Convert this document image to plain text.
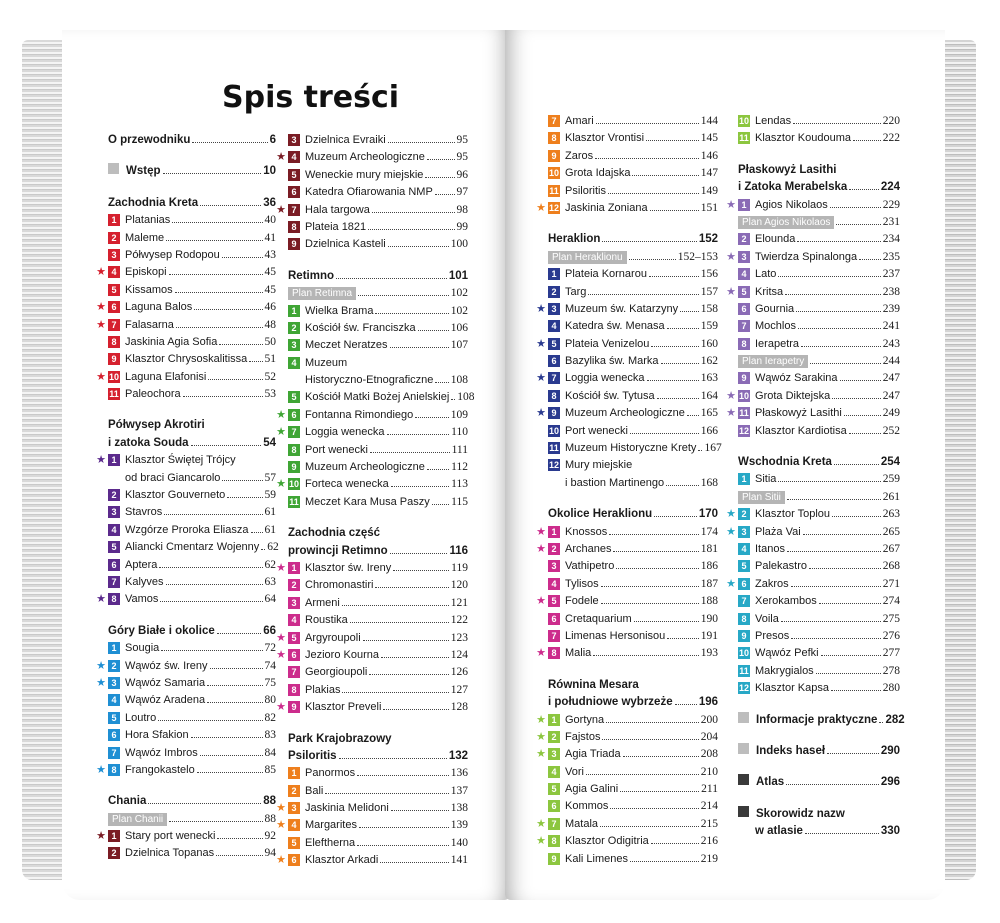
Spis treści
O przewodniku	6
Wstęp	10
Zachodnia Kreta	36
1 Platanias	40
2 Maleme	41
3 Półwysep Rodopou	43
★ 4 Episkopi	45
5 Kissamos	45
★ 6 Laguna Balos	46
★ 7 Falasarna	48
8 Jaskinia Agia Sofia	50
9 Klasztor Chrysoskalitissa 51
★ 10 Laguna Elafonisi	52
11 Paleochora	53
Półwysep Akrotiri
i zatoka Souda	54
★ 1 Klasztor Świętej Trójcy
od braci Giancarolo	57
2 Klasztor Gouverneto	59
3 Stavros	61
4 Wzgórze Proroka Eliasza 61
5 Aliancki Cmentarz Wojenny 62
6 Aptera	62
7 Kalyves	63
★ 8 Vamos	64
Góry Białe i okolice	66
1 Sougia	72
★ 2 Wąwóz św. Ireny	74
★ 3 Wąwóz Samaria	75
4 Wąwóz Aradena	80
5 Loutro	82
6 Hora Sfakion	83
7 Wąwóz Imbros	84
★ 8 Frangokastelo	85
Chania	88
Plan Chanii	88
★ 1 Stary port wenecki	92
2 Dzielnica Topanas	94
3 Dzielnica Evraiki	95
★ 4 Muzeum Archeologiczne	95
5 Weneckie mury miejskie	96
6 Katedra Ofiarowania NMP 97
★ 7 Hala targowa	98
8 Plateia 1821	99
9 Dzielnica Kasteli	100
Retimno	101
Plan Retimna	102
1 Wielka Brama	102
2 Kościół św. Franciszka	106
3 Meczet Neratzes	107
4 Muzeum
Historyczno-Etnograficzne 108
5 Kościół Matki Bożej Anielskiej 108
★ 6 Fontanna Rimondiego	109
★ 7 Loggia wenecka	110
8 Port wenecki	111
9 Muzeum Archeologiczne 112
★ 10 Forteca wenecka	113
11 Meczet Kara Musa Paszy 115
Zachodnia część
prowincji Retimno	116
★ 1 Klasztor św. Ireny	119
2 Chromonastiri	120
3 Armeni	121
4 Roustika	122
★ 5 Argyroupoli	123
★ 6 Jezioro Kourna	124
7 Georgioupoli	126
8 Plakias	127
★ 9 Klasztor Preveli	128
Park Krajobrazowy
Psiloritis	132
1 Panormos	136
2 Bali	137
★ 3 Jaskinia Melidoni	138
★ 4 Margarites	139
5 Eleftherna	140
★ 6 Klasztor Arkadi	141
7 Amari	144
8 Klasztor Vrontisi	145
9 Zaros	146
10 Grota Idajska	147
11 Psiloritis	149
★ 12 Jaskinia Zoniana	151
Heraklion	152
Plan Heraklionu	152–153
1 Plateia Kornarou	156
2 Targ	157
★ 3 Muzeum św. Katarzyny 158
4 Katedra św. Menasa	159
★ 5 Plateia Venizelou	160
6 Bazylika św. Marka	162
★ 7 Loggia wenecka	163
8 Kościół św. Tytusa	164
★ 9 Muzeum Archeologiczne 165
10 Port wenecki	166
11 Muzeum Historyczne Krety 167
12 Mury miejskie
i bastion Martinengo	168
Okolice Heraklionu	170
★ 1 Knossos	174
★ 2 Archanes	181
3 Vathipetro	186
4 Tylisos	187
★ 5 Fodele	188
6 Cretaquarium	190
7 Limenas Hersonisou	191
★ 8 Malia	193
Równina Mesara
i południowe wybrzeże 196
★ 1 Gortyna	200
★ 2 Fajstos	204
★ 3 Agia Triada	208
4 Vori	210
5 Agia Galini	211
6 Kommos	214
★ 7 Matala	215
★ 8 Klasztor Odigitria	216
9 Kali Limenes	219
10 Lendas	220
11 Klasztor Koudouma	222
Płaskowyż Lasithi
i Zatoka Merabelska	224
★ 1 Agios Nikolaos	229
Plan Agios Nikolaos	231
2 Elounda	234
★ 3 Twierdza Spinalonga 235
4 Lato	237
★ 5 Kritsa	238
6 Gournia	239
7 Mochlos	241
8 Ierapetra	243
Plan Ierapetry	244
9 Wąwóz Sarakina	247
★ 10 Grota Diktejska	247
★ 11 Płaskowyż Lasithi	249
12 Klasztor Kardiotisa	252
Wschodnia Kreta	254
1 Sitia	259
Plan Sitii	261
★ 2 Klasztor Toplou	263
★ 3 Plaża Vai	265
4 Itanos	267
5 Palekastro	268
★ 6 Zakros	271
7 Xerokambos	274
8 Voila	275
9 Presos	276
10 Wąwóz Pefki	277
11 Makrygialos	278
12 Klasztor Kapsa	280
Informacje praktyczne 282
Indeks haseł	290
Atlas	296
Skorowidz nazw
w atlasie	330
